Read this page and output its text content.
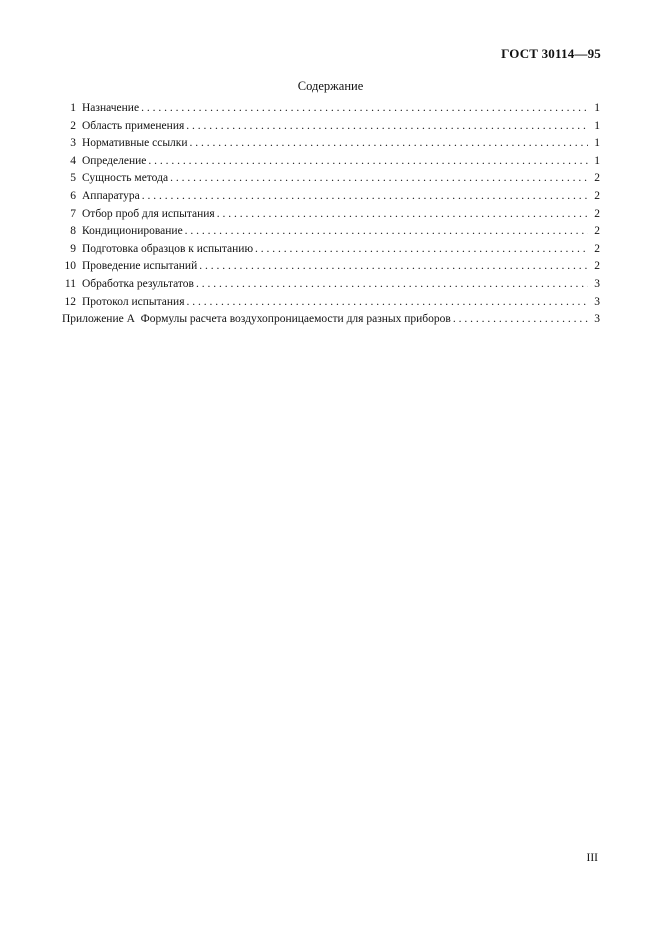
ГОСТ 30114—95
Содержание
1 Назначение . . .	1
2 Область применения . . .	1
3 Нормативные ссылки . . .	1
4 Определение . . .	1
5 Сущность метода . . .	2
6 Аппаратура . . .	2
7 Отбор проб для испытания . . .	2
8 Кондиционирование . . .	2
9 Подготовка образцов к испытанию . . .	2
10 Проведение испытаний . . .	2
11 Обработка результатов . . .	3
12 Протокол испытания . . .	3
Приложение А  Формулы расчета воздухопроницаемости для разных приборов . . .	3
III
